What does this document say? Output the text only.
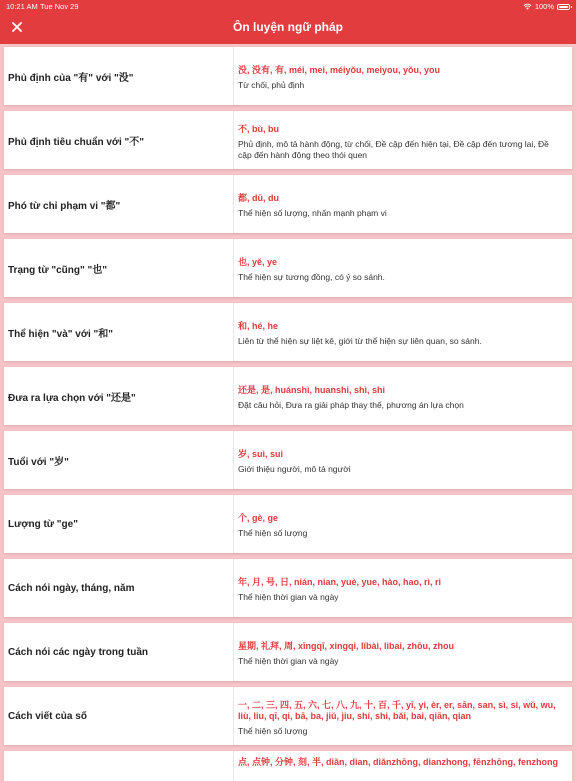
10:21 AM Tue Nov 29	100%
Ôn luyện ngữ pháp
Phủ định của "有" với "没"
没, 没有, 有, méi, mei, méiyǒu, meiyou, yǒu, you
Từ chối, phủ định
Phủ định tiêu chuẩn với "不"
不, bù, bu
Phủ định, mô tả hành động, từ chối, Đề cập đến hiện tại, Đề cập đến tương lai, Đề cập đến hành động theo thói quen
Phó từ chỉ phạm vi "都"
都, dū, du
Thể hiện số lượng, nhấn mạnh phạm vi
Trạng từ "cũng" "也"
也, yě, ye
Thể hiện sự tương đồng, có ý so sánh.
Thể hiện "và" với "和"
和, hé, he
Liên từ thể hiện sự liệt kê, giới từ thể hiện sự liên quan, so sánh.
Đưa ra lựa chọn với "还是"
还是, 是, huánshì, huanshi, shì, shi
Đặt câu hỏi, Đưa ra giải pháp thay thế, phương án lựa chọn
Tuổi với "岁"
岁, suì, sui
Giới thiệu người, mô tả người
Lượng từ "ge"
个, gè, ge
Thể hiện số lượng
Cách nói ngày, tháng, năm
年, 月, 号, 日, nián, nian, yuè, yue, hào, hao, rì, ri
Thể hiện thời gian và ngày
Cách nói các ngày trong tuần
星期, 礼拜, 周, xīngqī, xingqi, lǐbài, libai, zhōu, zhou
Thể hiện thời gian và ngày
Cách viết của số
一, 二, 三, 四, 五, 六, 七, 八, 九, 十, 百, 千, yī, yi, èr, er, sān, san, sì, si, wǔ, wu, liù, liu, qī, qi, bā, ba, jiǔ, jiu, shí, shi, bǎi, bai, qiān, qian
Thể hiện số lượng
点, 点钟, 分钟, 刻, 半, diǎn, dian, diǎnzhōng, dianzhong, fēnzhōng, fenzhong
